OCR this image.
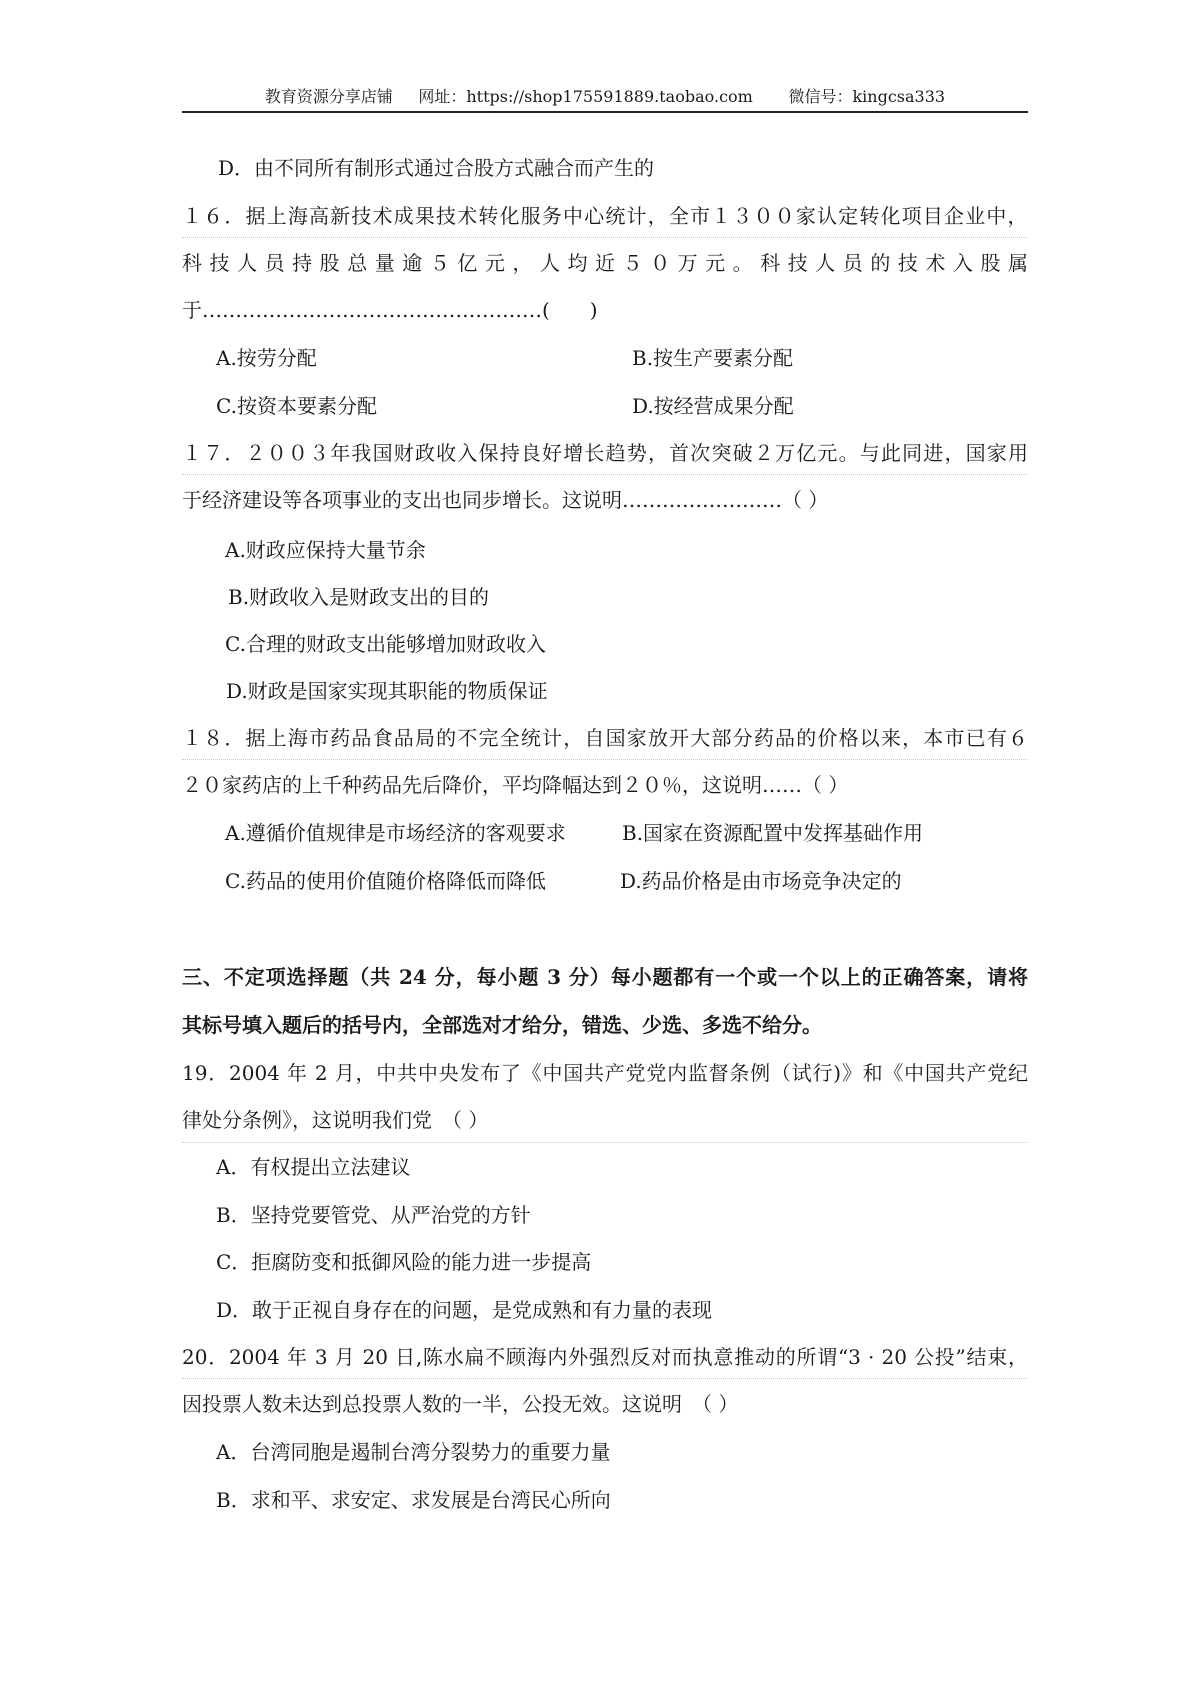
教育资源分享店铺 网址：https://shop175591889.taobao.com 微信号：kingcsa333
D．由不同所有制形式通过合股方式融合而产生的
１６．据上海高新技术成果技术转化服务中心统计，全市１３００家认定转化项目企业中，
科技人员持股总量逾５亿元，人均近５０万元。科技人员的技术入股属
于……………………………………………(　　)
A.按劳分配	B.按生产要素分配
C.按资本要素分配	D.按经营成果分配
１７．２００３年我国财政收入保持良好增长趋势，首次突破２万亿元。与此同进，国家用
于经济建设等各项事业的支出也同步增长。这说明……………………（ ）
A.财政应保持大量节余
B.财政收入是财政支出的目的
C.合理的财政支出能够增加财政收入
D.财政是国家实现其职能的物质保证
１８．据上海市药品食品局的不完全统计，自国家放开大部分药品的价格以来，本市已有６
２０家药店的上千种药品先后降价，平均降幅达到２０％，这说明……（ ）
A.遵循价值规律是市场经济的客观要求	B.国家在资源配置中发挥基础作用
C.药品的使用价值随价格降低而降低	D.药品价格是由市场竞争决定的
三、不定项选择题（共 24 分，每小题 3 分）每小题都有一个或一个以上的正确答案，请将
其标号填入题后的括号内，全部选对才给分，错选、少选、多选不给分。
19．2004 年 2 月，中共中央发布了《中国共产党党内监督条例（试行)》和《中国共产党纪
律处分条例》，这说明我们党　（ ）
A．有权提出立法建议
B．坚持党要管党、从严治党的方针
C．拒腐防变和抵御风险的能力进一步提高
D．敢于正视自身存在的问题，是党成熟和有力量的表现
20．2004 年 3 月 20 日,陈水扁不顾海内外强烈反对而执意推动的所谓“3 · 20 公投”结束，
因投票人数未达到总投票人数的一半，公投无效。这说明　（ ）
A．台湾同胞是遏制台湾分裂势力的重要力量
B．求和平、求安定、求发展是台湾民心所向
